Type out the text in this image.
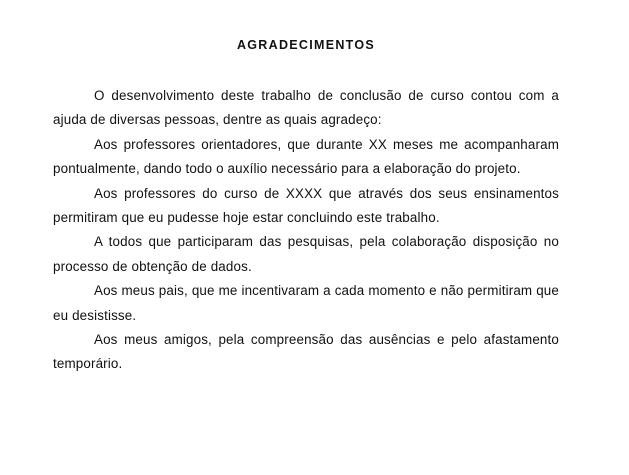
AGRADECIMENTOS

O desenvolvimento deste trabalho de conclusão de curso contou com a ajuda de diversas pessoas, dentre as quais agradeço:

Aos professores orientadores, que durante XX meses me acompanharam pontualmente, dando todo o auxílio necessário para a elaboração do projeto.

Aos professores do curso de XXXX que através dos seus ensinamentos permitiram que eu pudesse hoje estar concluindo este trabalho.

A todos que participaram das pesquisas, pela colaboração disposição no processo de obtenção de dados.

Aos meus pais, que me incentivaram a cada momento e não permitiram que eu desistisse.

Aos meus amigos, pela compreensão das ausências e pelo afastamento temporário.
